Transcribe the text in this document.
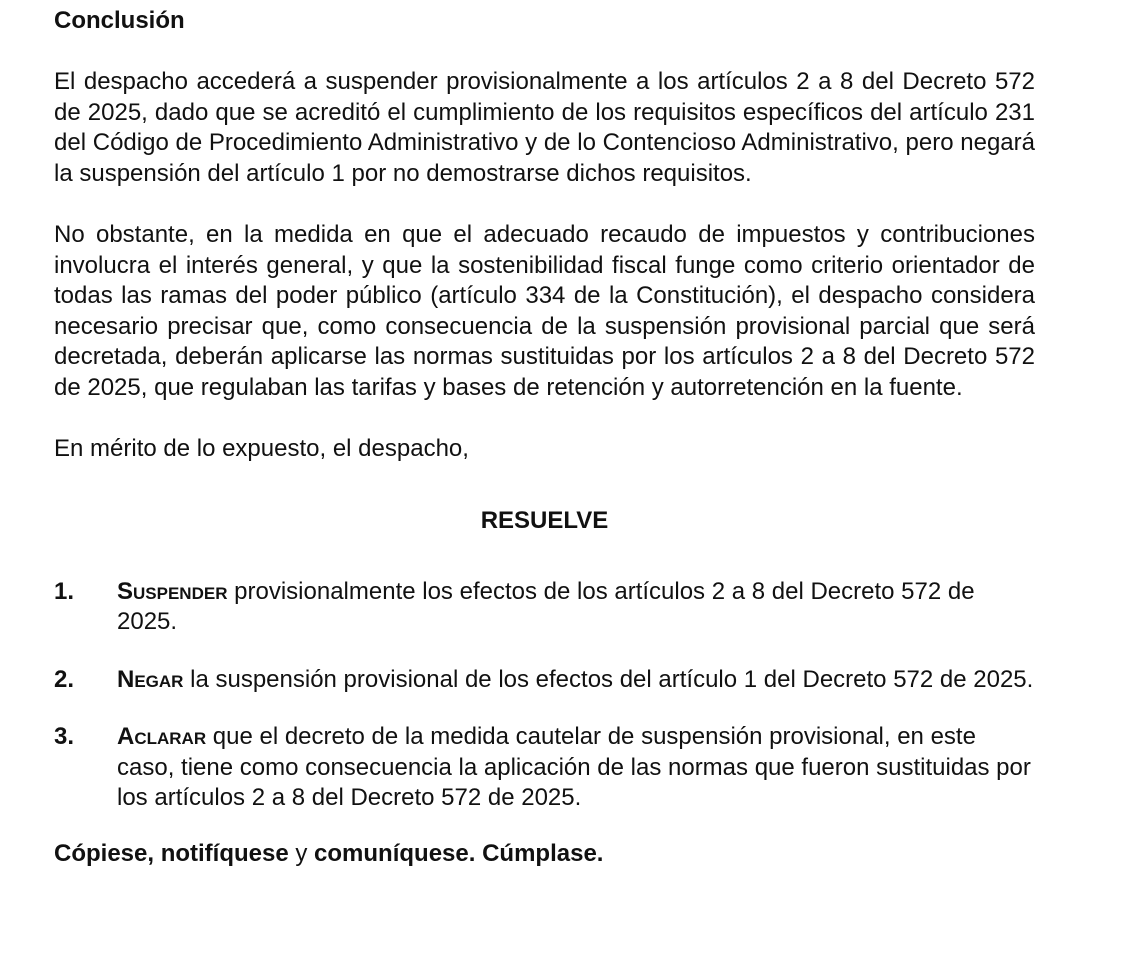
Conclusión

El despacho accederá a suspender provisionalmente a los artículos 2 a 8 del Decreto 572 de 2025, dado que se acreditó el cumplimiento de los requisitos específicos del artículo 231 del Código de Procedimiento Administrativo y de lo Contencioso Administrativo, pero negará la suspensión del artículo 1 por no demostrarse dichos requisitos.

No obstante, en la medida en que el adecuado recaudo de impuestos y contribuciones involucra el interés general, y que la sostenibilidad fiscal funge como criterio orientador de todas las ramas del poder público (artículo 334 de la Constitución), el despacho considera necesario precisar que, como consecuencia de la suspensión provisional parcial que será decretada, deberán aplicarse las normas sustituidas por los artículos 2 a 8 del Decreto 572 de 2025, que regulaban las tarifas y bases de retención y autorretención en la fuente.

En mérito de lo expuesto, el despacho,

RESUELVE
1.	Suspender provisionalmente los efectos de los artículos 2 a 8 del Decreto 572 de 2025.
2.	Negar la suspensión provisional de los efectos del artículo 1 del Decreto 572 de 2025.
3.	Aclarar que el decreto de la medida cautelar de suspensión provisional, en este caso, tiene como consecuencia la aplicación de las normas que fueron sustituidas por los artículos 2 a 8 del Decreto 572 de 2025.

Cópiese, notifíquese y comuníquese. Cúmplase.
